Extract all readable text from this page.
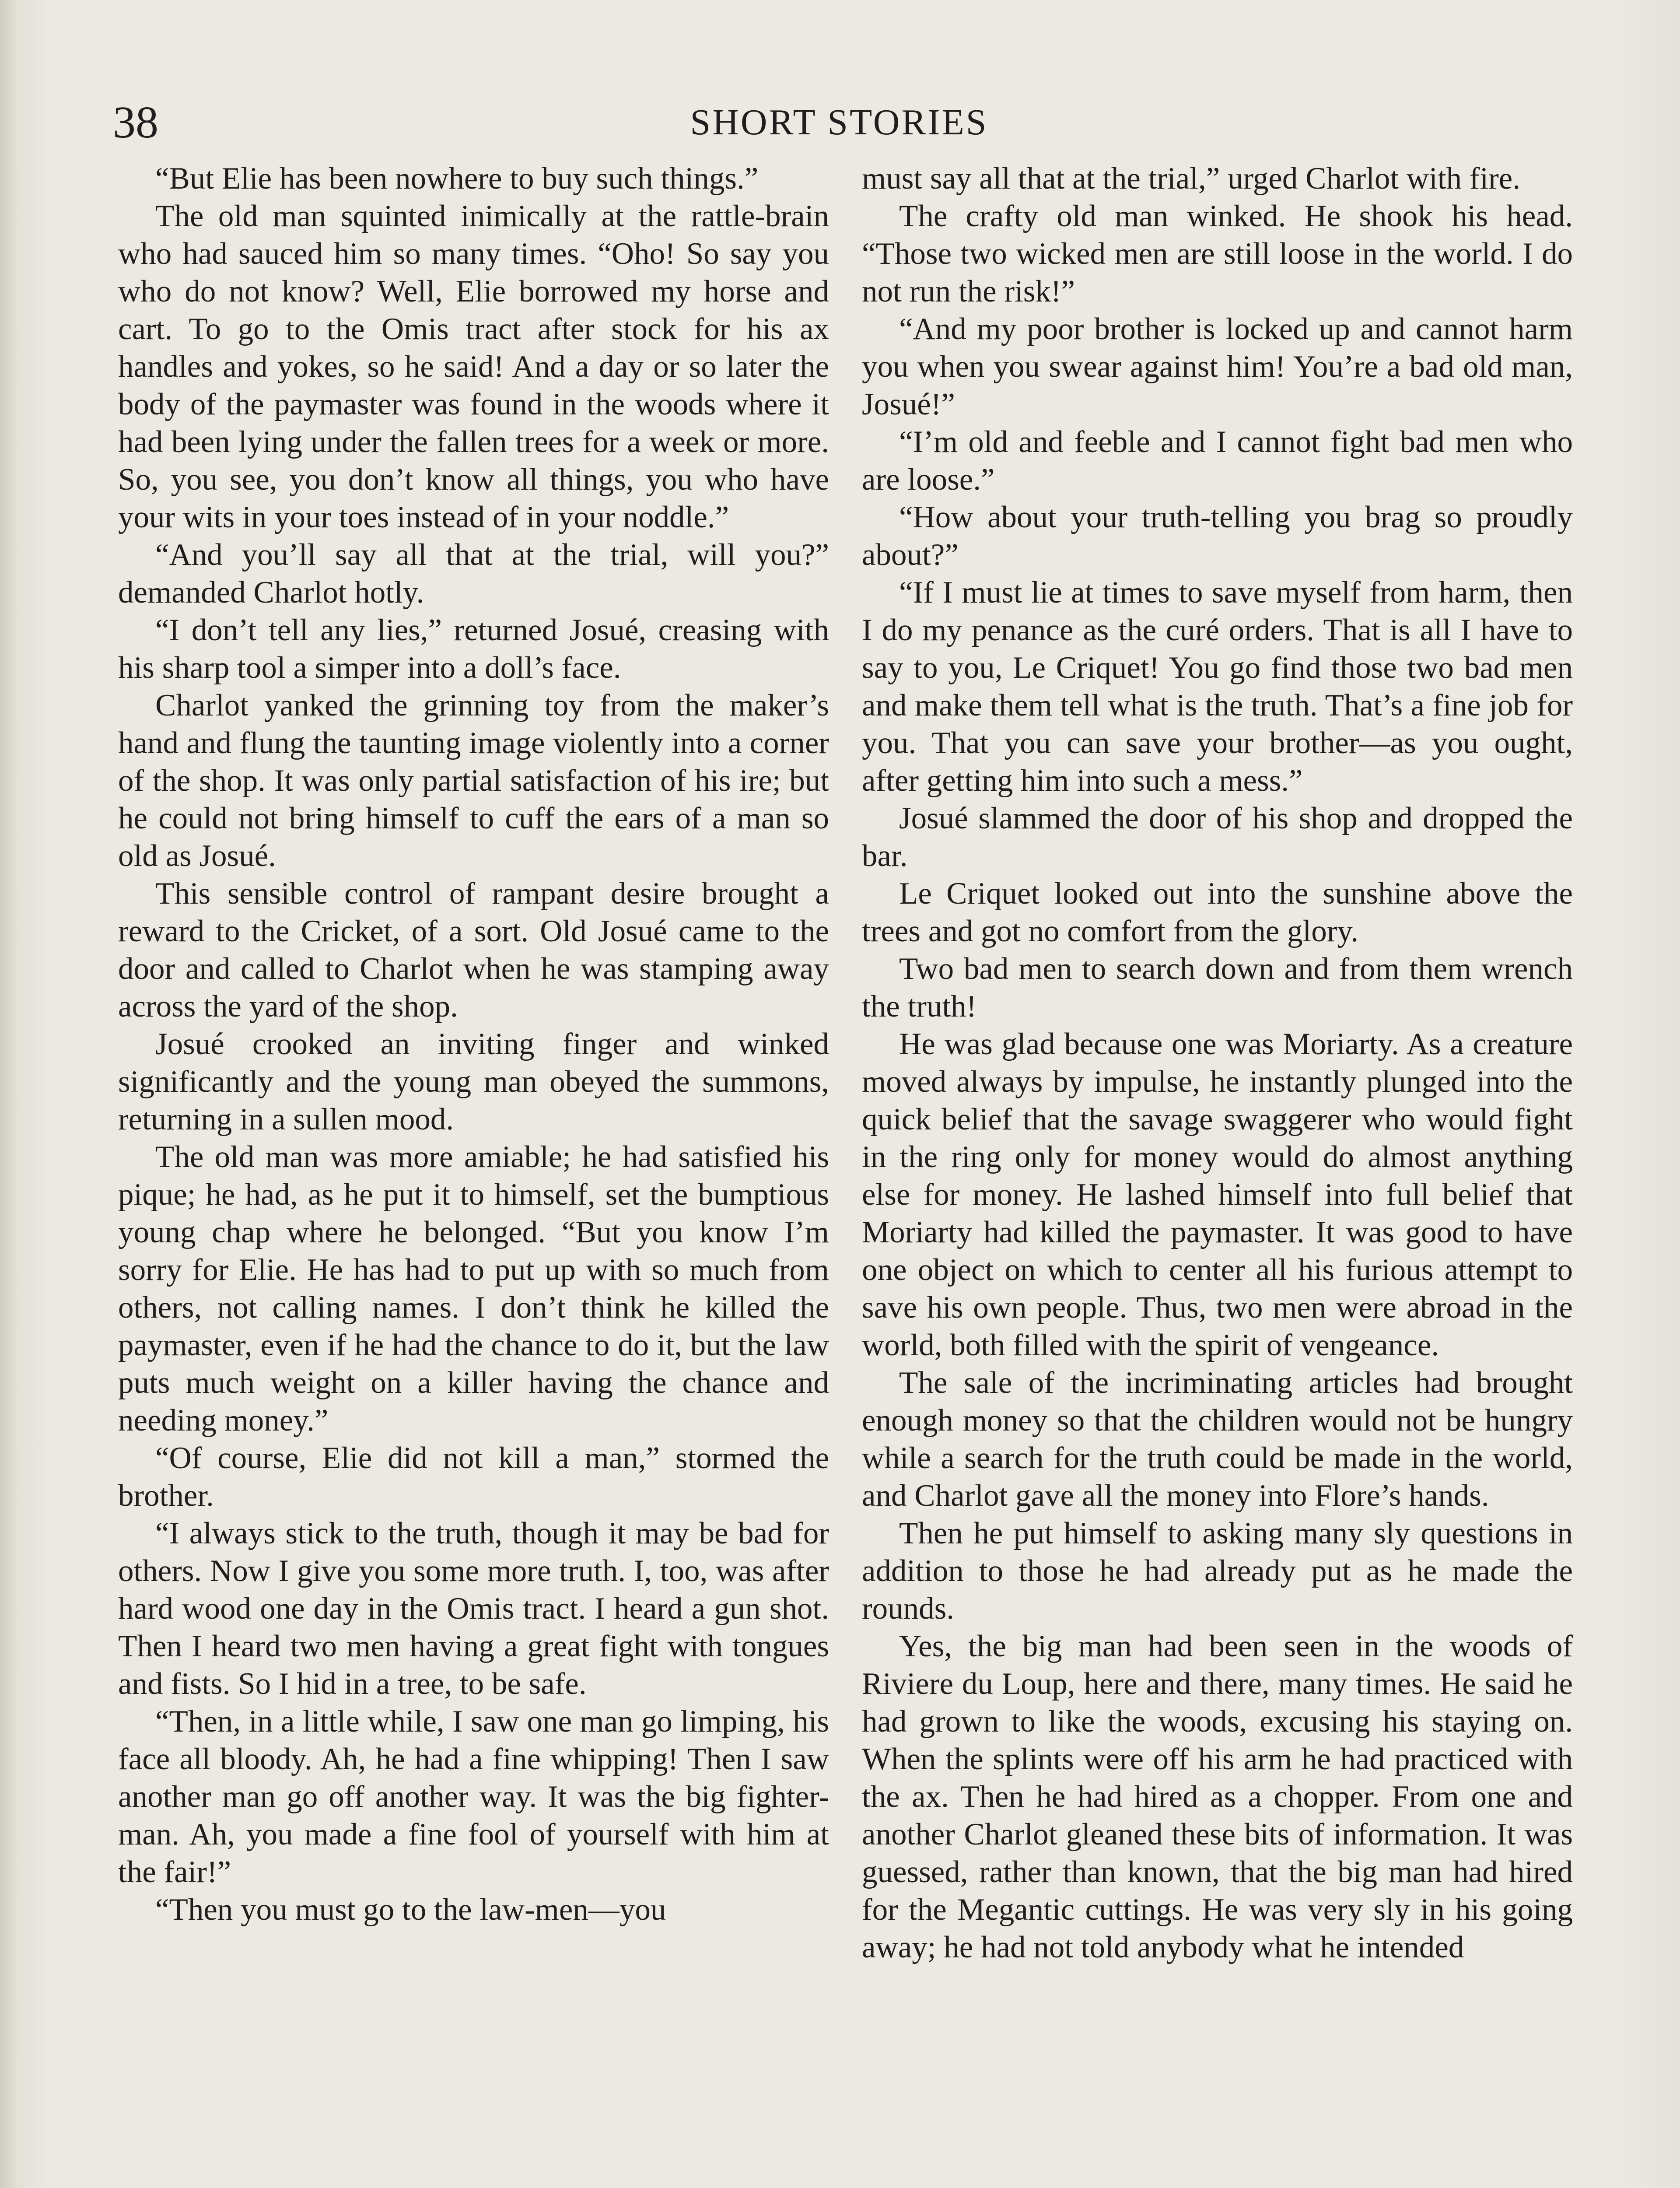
38	SHORT STORIES

“But Elie has been nowhere to buy such things.”

The old man squinted inimically at the rattle-brain who had sauced him so many times. “Oho! So say you who do not know? Well, Elie borrowed my horse and cart. To go to the Omis tract after stock for his ax handles and yokes, so he said! And a day or so later the body of the paymaster was found in the woods where it had been lying under the fallen trees for a week or more. So, you see, you don’t know all things, you who have your wits in your toes instead of in your noddle.”

“And you’ll say all that at the trial, will you?” demanded Charlot hotly.

“I don’t tell any lies,” returned Josué, creasing with his sharp tool a simper into a doll’s face.

Charlot yanked the grinning toy from the maker’s hand and flung the taunting image violently into a corner of the shop. It was only partial satisfaction of his ire; but he could not bring himself to cuff the ears of a man so old as Josué.

This sensible control of rampant desire brought a reward to the Cricket, of a sort. Old Josué came to the door and called to Charlot when he was stamping away across the yard of the shop.

Josué crooked an inviting finger and winked significantly and the young man obeyed the summons, returning in a sullen mood.

The old man was more amiable; he had satisfied his pique; he had, as he put it to himself, set the bumptious young chap where he belonged. “But you know I’m sorry for Elie. He has had to put up with so much from others, not calling names. I don’t think he killed the paymaster, even if he had the chance to do it, but the law puts much weight on a killer having the chance and needing money.”

“Of course, Elie did not kill a man,” stormed the brother.

“I always stick to the truth, though it may be bad for others. Now I give you some more truth. I, too, was after hard wood one day in the Omis tract. I heard a gun shot. Then I heard two men having a great fight with tongues and fists. So I hid in a tree, to be safe.

“Then, in a little while, I saw one man go limping, his face all bloody. Ah, he had a fine whipping! Then I saw another man go off another way. It was the big fighter-man. Ah, you made a fine fool of yourself with him at the fair!”

“Then you must go to the law-men—you

must say all that at the trial,” urged Charlot with fire.

The crafty old man winked. He shook his head. “Those two wicked men are still loose in the world. I do not run the risk!”

“And my poor brother is locked up and cannot harm you when you swear against him! You’re a bad old man, Josué!”

“I’m old and feeble and I cannot fight bad men who are loose.”

“How about your truth-telling you brag so proudly about?”

“If I must lie at times to save myself from harm, then I do my penance as the curé orders. That is all I have to say to you, Le Criquet! You go find those two bad men and make them tell what is the truth. That’s a fine job for you. That you can save your brother—as you ought, after getting him into such a mess.”

Josué slammed the door of his shop and dropped the bar.

Le Criquet looked out into the sunshine above the trees and got no comfort from the glory.

Two bad men to search down and from them wrench the truth!

He was glad because one was Moriarty. As a creature moved always by impulse, he instantly plunged into the quick belief that the savage swaggerer who would fight in the ring only for money would do almost anything else for money. He lashed himself into full belief that Moriarty had killed the paymaster. It was good to have one object on which to center all his furious attempt to save his own people. Thus, two men were abroad in the world, both filled with the spirit of vengeance.

The sale of the incriminating articles had brought enough money so that the children would not be hungry while a search for the truth could be made in the world, and Charlot gave all the money into Flore’s hands.

Then he put himself to asking many sly questions in addition to those he had already put as he made the rounds.

Yes, the big man had been seen in the woods of Riviere du Loup, here and there, many times. He said he had grown to like the woods, excusing his staying on. When the splints were off his arm he had practiced with the ax. Then he had hired as a chopper. From one and another Charlot gleaned these bits of information. It was guessed, rather than known, that the big man had hired for the Megantic cuttings. He was very sly in his going away; he had not told anybody what he intended
